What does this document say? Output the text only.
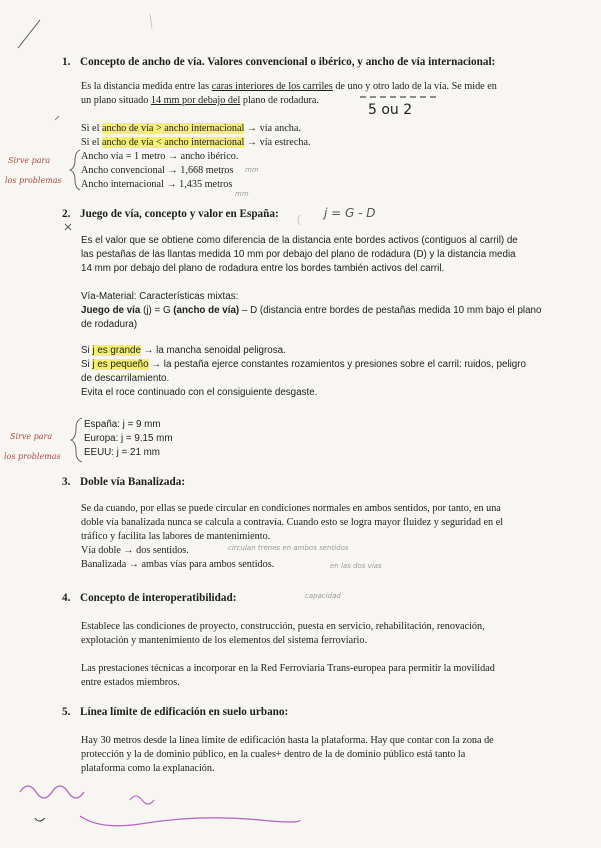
1. Concepto de ancho de vía. Valores convencional o ibérico, y ancho de vía internacional:
Es la distancia medida entre las caras interiores de los carriles de uno y otro lado de la vía. Se mide en
un plano situado 14 mm por debajo del plano de rodadura.
5 ou 2
Si el ancho de vía > ancho internacional → vía ancha.
Si el ancho de vía < ancho internacional → vía estrecha.
Ancho vía = 1 metro → ancho ibérico.
Ancho convencional → 1,668 metros
Ancho internacional → 1,435 metros
Sirve para
los problemas
mm
mm
2. Juego de vía, concepto y valor en España:	j = G - D
Es el valor que se obtiene como diferencia de la distancia ente bordes activos (contiguos al carril) de
las pestañas de las llantas medida 10 mm por debajo del plano de rodadura (D) y la distancia media
14 mm por debajo del plano de rodadura entre los bordes también activos del carril.
Vía-Material: Características mixtas:
Juego de vía (j) = G (ancho de vía) – D (distancia entre bordes de pestañas medida 10 mm bajo el plano
de rodadura)
Si j es grande → la mancha senoidal peligrosa.
Si j es pequeño → la pestaña ejerce constantes rozamientos y presiones sobre el carril: ruidos, peligro
de descarrilamiento.
Evita el roce continuado con el consiguiente desgaste.
España: j = 9 mm
Europa: j = 9.15 mm
EEUU: j = 21 mm
Sirve para
los problemas
3. Doble vía Banalizada:
Se da cuando, por ellas se puede circular en condiciones normales en ambos sentidos, por tanto, en una
doble vía banalizada nunca se calcula a contravía. Cuando esto se logra mayor fluidez y seguridad en el
tráfico y facilita las labores de mantenimiento.
Vía doble → dos sentidos.
Banalizada → ambas vías para ambos sentidos.
circulan trenes en ambos sentidos
en las dos vías
4. Concepto de interoperatibilidad:	capacidad
Establece las condiciones de proyecto, construcción, puesta en servicio, rehabilitación, renovación,
explotación y mantenimiento de los elementos del sistema ferroviario.
Las prestaciones técnicas a incorporar en la Red Ferroviaria Trans-europea para permitir la movilidad
entre estados miembros.
5. Línea límite de edificación en suelo urbano:
Hay 30 metros desde la línea límite de edificación hasta la plataforma. Hay que contar con la zona de
protección y la de dominio público, en la cuales+ dentro de la de dominio público está tanto la
plataforma como la explanación.
